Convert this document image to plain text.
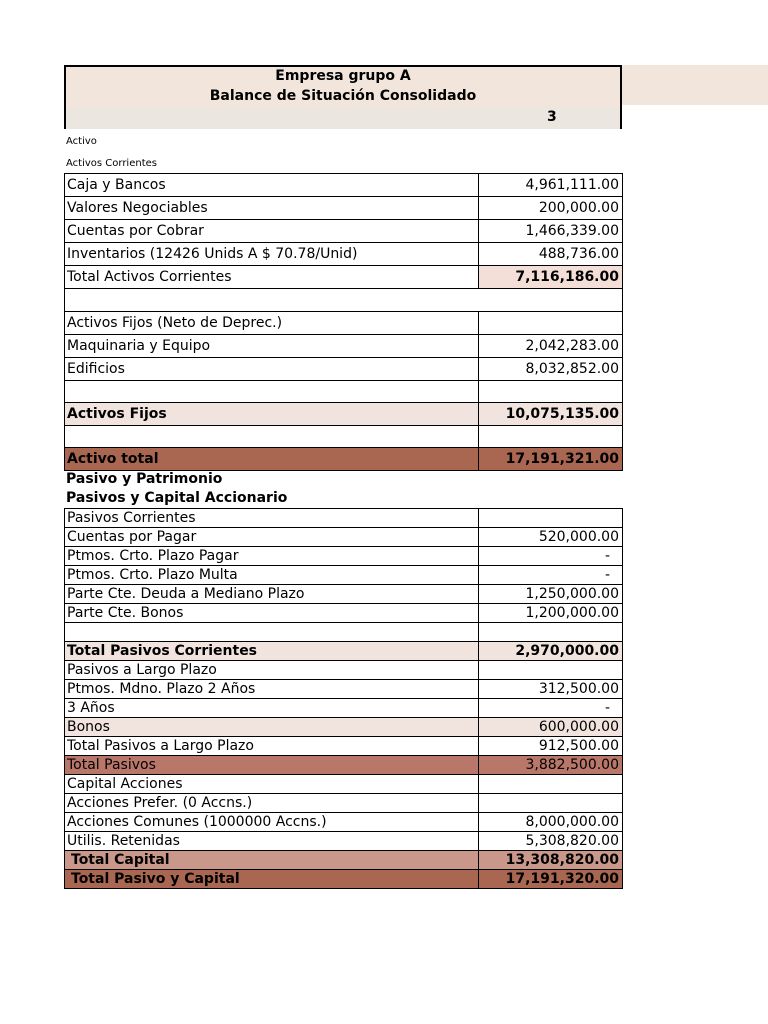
Empresa grupo A
Balance de Situación Consolidado
3
Activo
Activos Corrientes
Caja y Bancos	4,961,111.00
Valores Negociables	200,000.00
Cuentas por Cobrar	1,466,339.00
Inventarios (12426 Unids A $ 70.78/Unid)	488,736.00
Total Activos Corrientes	7,116,186.00

Activos Fijos (Neto de Deprec.)	
Maquinaria y Equipo	2,042,283.00
Edificios	8,032,852.00

Activos Fijos	10,075,135.00

Activo total	17,191,321.00
Pasivo y Patrimonio
Pasivos y Capital Accionario
Pasivos Corrientes	
Cuentas por Pagar	520,000.00
Ptmos. Crto. Plazo Pagar	-
Ptmos. Crto. Plazo Multa	-
Parte Cte. Deuda a Mediano Plazo	1,250,000.00
Parte Cte. Bonos	1,200,000.00

Total Pasivos Corrientes	2,970,000.00
Pasivos a Largo Plazo	
Ptmos. Mdno. Plazo 2 Años	312,500.00
3 Años	-
Bonos	600,000.00
Total Pasivos a Largo Plazo	912,500.00
Total Pasivos	3,882,500.00
Capital Acciones	
Acciones Prefer. (0 Accns.)	
Acciones Comunes (1000000 Accns.)	8,000,000.00
Utilis. Retenidas	5,308,820.00
Total Capital	13,308,820.00
Total Pasivo y Capital	17,191,320.00
